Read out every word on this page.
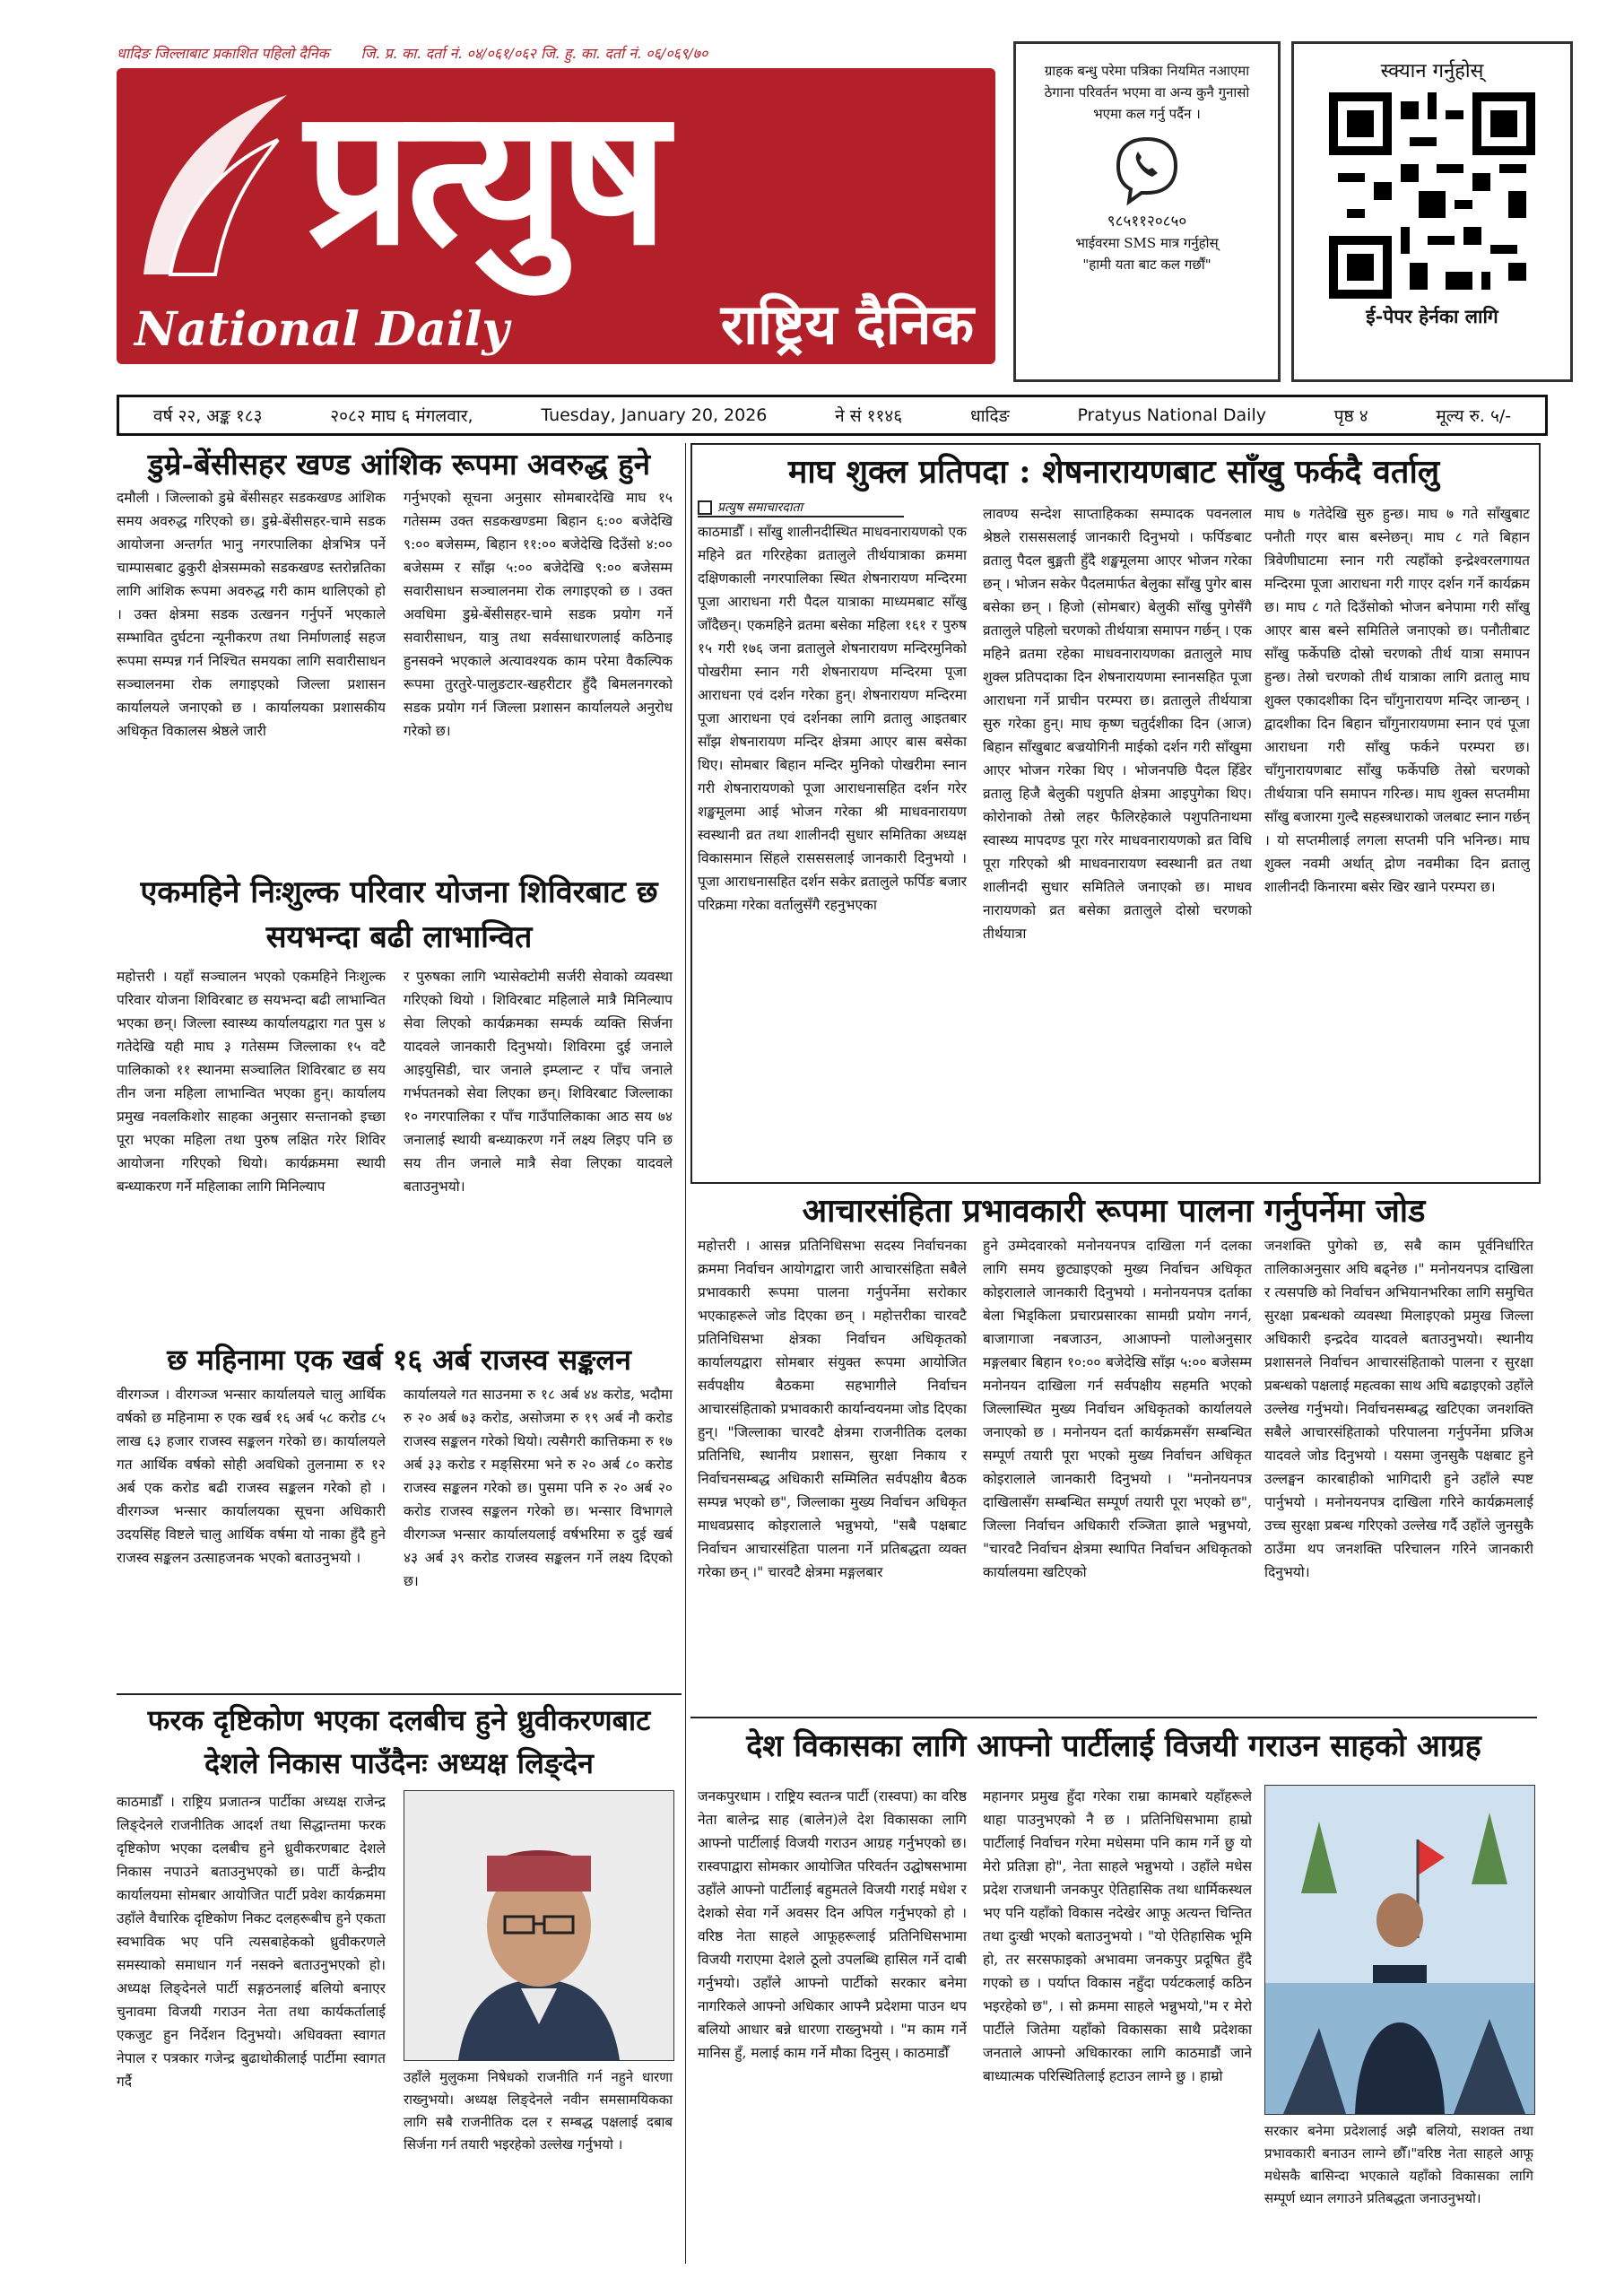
धादिङ जिल्लाबाट प्रकाशित पहिलो दैनिक जि. प्र. का. दर्ता नं. ०४/०६१/०६२ जि. हु. का. दर्ता नं. ०६/०६९/७०
प्रत्युष
National Daily	राष्ट्रिय दैनिक
ग्राहक बन्धु परेमा पत्रिका नियमित नआएमा ठेगाना परिवर्तन भएमा वा अन्य कुनै गुनासो भएमा कल गर्नु पर्दैन ।
९८५११२०८५०
भाईवरमा SMS मात्र गर्नुहोस्
"हामी यता बाट कल गर्छौं"
स्क्यान गर्नुहोस्
ई-पेपर हेर्नका लागि
वर्ष २२, अङ्क १८३	२०८२ माघ ६ मंगलवार,	Tuesday, January 20, 2026	ने सं ११४६	धादिङ	Pratyus National Daily	पृष्ठ ४	मूल्य रु. ५/-
डुम्रे-बेंसीसहर खण्ड आंशिक रूपमा अवरुद्ध हुने
दमौली । जिल्लाको डुम्रे बेंसीसहर सडकखण्ड आंशिक समय अवरुद्ध गरिएको छ। डुम्रे-बेंसीसहर-चामे सडक आयोजना अन्तर्गत भानु नगरपालिका क्षेत्रभित्र पर्ने चाम्पासबाट ढुकुरी क्षेत्रसम्मको सडकखण्ड स्तरोन्नतिका लागि आंशिक रूपमा अवरुद्ध गरी काम थालिएको हो । उक्त क्षेत्रमा सडक उत्खनन गर्नुपर्ने भएकाले सम्भावित दुर्घटना न्यूनीकरण तथा निर्माणलाई सहज रूपमा सम्पन्न गर्न निश्चित समयका लागि सवारीसाधन सञ्चालनमा रोक लगाइएको जिल्ला प्रशासन कार्यालयले जनाएको छ । कार्यालयका प्रशासकीय अधिकृत विकालस श्रेष्ठले जारी
गर्नुभएको सूचना अनुसार सोमबारदेखि माघ १५ गतेसम्म उक्त सडकखण्डमा बिहान ६:०० बजेदेखि ९:०० बजेसम्म, बिहान ११:०० बजेदेखि दिउँसो ४:०० बजेसम्म र साँझ ५:०० बजेदेखि ९:०० बजेसम्म सवारीसाधन सञ्चालनमा रोक लगाइएको छ । उक्त अवधिमा डुम्रे-बेंसीसहर-चामे सडक प्रयोग गर्ने सवारीसाधन, यात्रु तथा सर्वसाधारणलाई कठिनाइ हुनसक्ने भएकाले अत्यावश्यक काम परेमा वैकल्पिक रूपमा तुरतुरे-पालुङटार-खहरीटार हुँदै बिमलनगरको सडक प्रयोग गर्न जिल्ला प्रशासन कार्यालयले अनुरोध गरेको छ।
एकमहिने निःशुल्क परिवार योजना शिविरबाट छ सयभन्दा बढी लाभान्वित
महोत्तरी । यहाँ सञ्चालन भएको एकमहिने निःशुल्क परिवार योजना शिविरबाट छ सयभन्दा बढी लाभान्वित भएका छन्। जिल्ला स्वास्थ्य कार्यालयद्वारा गत पुस ४ गतेदेखि यही माघ ३ गतेसम्म जिल्लाका १५ वटै पालिकाको ११ स्थानमा सञ्चालित शिविरबाट छ सय तीन जना महिला लाभान्वित भएका हुन्। कार्यालय प्रमुख नवलकिशोर साहका अनुसार सन्तानको इच्छा पूरा भएका महिला तथा पुरुष लक्षित गरेर शिविर आयोजना गरिएको थियो। कार्यक्रममा स्थायी बन्ध्याकरण गर्ने महिलाका लागि मिनिल्याप
र पुरुषका लागि भ्यासेक्टोमी सर्जरी सेवाको व्यवस्था गरिएको थियो । शिविरबाट महिलाले मात्रै मिनिल्याप सेवा लिएको कार्यक्रमका सम्पर्क व्यक्ति सिर्जना यादवले जानकारी दिनुभयो। शिविरमा दुई जनाले आइयुसिडी, चार जनाले इम्प्लान्ट र पाँच जनाले गर्भपतनको सेवा लिएका छन्। शिविरबाट जिल्लाका १० नगरपालिका र पाँच गाउँपालिकाका आठ सय ७४ जनालाई स्थायी बन्ध्याकरण गर्ने लक्ष्य लिइए पनि छ सय तीन जनाले मात्रै सेवा लिएका यादवले बताउनुभयो।
छ महिनामा एक खर्ब १६ अर्ब राजस्व सङ्कलन
वीरगञ्ज । वीरगञ्ज भन्सार कार्यालयले चालु आर्थिक वर्षको छ महिनामा रु एक खर्ब १६ अर्ब ५८ करोड ८५ लाख ६३ हजार राजस्व सङ्कलन गरेको छ। कार्यालयले गत आर्थिक वर्षको सोही अवधिको तुलनामा रु १२ अर्ब एक करोड बढी राजस्व सङ्कलन गरेको हो । वीरगञ्ज भन्सार कार्यालयका सूचना अधिकारी उदयसिंह विष्टले चालु आर्थिक वर्षमा यो नाका हुँदै हुने राजस्व सङ्कलन उत्साहजनक भएको बताउनुभयो ।
कार्यालयले गत साउनमा रु १८ अर्ब ४४ करोड, भदौमा रु २० अर्ब ७३ करोड, असोजमा रु १९ अर्ब नौ करोड राजस्व सङ्कलन गरेको थियो। त्यसैगरी कात्तिकमा रु १७ अर्ब ३३ करोड र मङ्सिरमा भने रु २० अर्ब ८० करोड राजस्व सङ्कलन गरेको छ। पुसमा पनि रु २० अर्ब २० करोड राजस्व सङ्कलन गरेको छ। भन्सार विभागले वीरगञ्ज भन्सार कार्यालयलाई वर्षभरिमा रु दुई खर्ब ४३ अर्ब ३९ करोड राजस्व सङ्कलन गर्ने लक्ष्य दिएको छ।
फरक दृष्टिकोण भएका दलबीच हुने ध्रुवीकरणबाट देशले निकास पाउँदैनः अध्यक्ष लिङ्देन
काठमाडौँ । राष्ट्रिय प्रजातन्त्र पार्टीका अध्यक्ष राजेन्द्र लिङ्देनले राजनीतिक आदर्श तथा सिद्धान्तमा फरक दृष्टिकोण भएका दलबीच हुने ध्रुवीकरणबाट देशले निकास नपाउने बताउनुभएको छ। पार्टी केन्द्रीय कार्यालयमा सोमबार आयोजित पार्टी प्रवेश कार्यक्रममा उहाँले वैचारिक दृष्टिकोण निकट दलहरूबीच हुने एकता स्वभाविक भए पनि त्यसबाहेकको ध्रुवीकरणले समस्याको समाधान गर्न नसक्ने बताउनुभएको हो। अध्यक्ष लिङ्देनले पार्टी सङ्गठनलाई बलियो बनाएर चुनावमा विजयी गराउन नेता तथा कार्यकर्तालाई एकजुट हुन निर्देशन दिनुभयो। अधिवक्ता स्वागत नेपाल र पत्रकार गजेन्द्र बुढाथोकीलाई पार्टीमा स्वागत गर्दै	उहाँले मुलुकमा निषेधको राजनीति गर्न नहुने धारणा राख्नुभयो। अध्यक्ष लिङ्देनले नवीन समसामयिकका लागि सबै राजनीतिक दल र सम्बद्ध पक्षलाई दबाब सिर्जना गर्न तयारी भइरहेको उल्लेख गर्नुभयो ।
माघ शुक्ल प्रतिपदा : शेषनारायणबाट साँखु फर्कदै वर्तालु
प्रत्युष समाचारदाता
काठमाडौँ । साँखु शालीनदीस्थित माधवनारायणको एक महिने व्रत गरिरहेका व्रतालुले तीर्थयात्राका क्रममा दक्षिणकाली नगरपालिका स्थित शेषनारायण मन्दिरमा पूजा आराधना गरी पैदल यात्राका माध्यमबाट साँखु जाँदैछन्। एकमहिने व्रतमा बसेका महिला १६१ र पुरुष १५ गरी १७६ जना व्रतालुले शेषनारायण मन्दिरमुनिको पोखरीमा स्नान गरी शेषनारायण मन्दिरमा पूजा आराधना एवं दर्शन गरेका हुन्। शेषनारायण मन्दिरमा पूजा आराधना एवं दर्शनका लागि व्रतालु आइतबार साँझ शेषनारायण मन्दिर क्षेत्रमा आएर बास बसेका थिए। सोमबार बिहान मन्दिर मुनिको पोखरीमा स्नान गरी शेषनारायणको पूजा आराधनासहित दर्शन गरेर शङ्खमूलमा आई भोजन गरेका श्री माधवनारायण स्वस्थानी व्रत तथा शालीनदी सुधार समितिका अध्यक्ष विकासमान सिंहले रासससलाई जानकारी दिनुभयो । पूजा आराधनासहित दर्शन सकेर व्रतालुले फर्पिङ बजार परिक्रमा गरेका वर्तालुसँगै रहनुभएका
लावण्य सन्देश साप्ताहिकका सम्पादक पवनलाल श्रेष्ठले रासससलाई जानकारी दिनुभयो । फर्पिङबाट व्रतालु पैदल बुङ्मती हुँदै शङ्खमूलमा आएर भोजन गरेका छन् । भोजन सकेर पैदलमार्फत बेलुका साँखु पुगेर बास बसेका छन् । हिजो (सोमबार) बेलुकी साँखु पुगेसँगै व्रतालुले पहिलो चरणको तीर्थयात्रा समापन गर्छन् । एक महिने व्रतमा रहेका माधवनारायणका व्रतालुले माघ शुक्ल प्रतिपदाका दिन शेषनारायणमा स्नानसहित पूजा आराधना गर्ने प्राचीन परम्परा छ। व्रतालुले तीर्थयात्रा सुरु गरेका हुन्। माघ कृष्ण चतुर्दशीका दिन (आज) बिहान साँखुबाट बज्रयोगिनी माईको दर्शन गरी साँखुमा आएर भोजन गरेका थिए । भोजनपछि पैदल हिँडेर व्रतालु हिजै बेलुकी पशुपति क्षेत्रमा आइपुगेका थिए। कोरोनाको तेस्रो लहर फैलिरहेकाले पशुपतिनाथमा स्वास्थ्य मापदण्ड पूरा गरेर माधवनारायणको व्रत विधि पूरा गरिएको श्री माधवनारायण स्वस्थानी व्रत तथा शालीनदी सुधार समितिले जनाएको छ। माधव नारायणको व्रत बसेका व्रतालुले दोस्रो चरणको तीर्थयात्रा
माघ ७ गतेदेखि सुरु हुन्छ। माघ ७ गते साँखुबाट पनौती गएर बास बस्नेछन्। माघ ८ गते बिहान त्रिवेणीघाटमा स्नान गरी त्यहाँको इन्द्रेश्वरलगायत मन्दिरमा पूजा आराधना गरी गाएर दर्शन गर्ने कार्यक्रम छ। माघ ८ गते दिउँसोको भोजन बनेपामा गरी साँखु आएर बास बस्ने समितिले जनाएको छ। पनौतीबाट साँखु फर्केपछि दोस्रो चरणको तीर्थ यात्रा समापन हुन्छ। तेस्रो चरणको तीर्थ यात्राका लागि व्रतालु माघ शुक्ल एकादशीका दिन चाँगुनारायण मन्दिर जान्छन् । द्वादशीका दिन बिहान चाँगुनारायणमा स्नान एवं पूजा आराधना गरी साँखु फर्कने परम्परा छ। चाँगुनारायणबाट साँखु फर्केपछि तेस्रो चरणको तीर्थयात्रा पनि समापन गरिन्छ। माघ शुक्ल सप्तमीमा साँखु बजारमा गुल्दै सहस्त्रधाराको जलबाट स्नान गर्छन् । यो सप्तमीलाई लगला सप्तमी पनि भनिन्छ। माघ शुक्ल नवमी अर्थात् द्रोण नवमीका दिन व्रतालु शालीनदी किनारमा बसेर खिर खाने परम्परा छ।
आचारसंहिता प्रभावकारी रूपमा पालना गर्नुपर्नेमा जोड
महोत्तरी । आसन्न प्रतिनिधिसभा सदस्य निर्वाचनका क्रममा निर्वाचन आयोगद्वारा जारी आचारसंहिता सबैले प्रभावकारी रूपमा पालना गर्नुपर्नेमा सरोकार भएकाहरूले जोड दिएका छन् । महोत्तरीका चारवटै प्रतिनिधिसभा क्षेत्रका निर्वाचन अधिकृतको कार्यालयद्वारा सोमबार संयुक्त रूपमा आयोजित सर्वपक्षीय बैठकमा सहभागीले निर्वाचन आचारसंहिताको प्रभावकारी कार्यान्वयनमा जोड दिएका हुन्। "जिल्लाका चारवटै क्षेत्रमा राजनीतिक दलका प्रतिनिधि, स्थानीय प्रशासन, सुरक्षा निकाय र निर्वाचनसम्बद्ध अधिकारी सम्मिलित सर्वपक्षीय बैठक सम्पन्न भएको छ", जिल्लाका मुख्य निर्वाचन अधिकृत माधवप्रसाद कोइरालाले भन्नुभयो, "सबै पक्षबाट निर्वाचन आचारसंहिता पालना गर्ने प्रतिबद्धता व्यक्त गरेका छन् ।" चारवटै क्षेत्रमा मङ्गलबार
हुने उम्मेदवारको मनोनयनपत्र दाखिला गर्न दलका लागि समय छुट्याइएको मुख्य निर्वाचन अधिकृत कोइरालाले जानकारी दिनुभयो । मनोनयनपत्र दर्ताका बेला भिड्किला प्रचारप्रसारका सामग्री प्रयोग नगर्न, बाजागाजा नबजाउन, आआफ्नो पालोअनुसार मङ्गलबार बिहान १०:०० बजेदेखि साँझ ५:०० बजेसम्म मनोनयन दाखिला गर्न सर्वपक्षीय सहमति भएको जिल्लास्थित मुख्य निर्वाचन अधिकृतको कार्यालयले जनाएको छ । मनोनयन दर्ता कार्यक्रमसँग सम्बन्धित सम्पूर्ण तयारी पूरा भएको मुख्य निर्वाचन अधिकृत कोइरालाले जानकारी दिनुभयो । "मनोनयनपत्र दाखिलासँग सम्बन्धित सम्पूर्ण तयारी पूरा भएको छ", जिल्ला निर्वाचन अधिकारी रञ्जिता झाले भन्नुभयो, "चारवटै निर्वाचन क्षेत्रमा स्थापित निर्वाचन अधिकृतको कार्यालयमा खटिएको
जनशक्ति पुगेको छ, सबै काम पूर्वनिर्धारित तालिकाअनुसार अघि बढ्नेछ ।" मनोनयनपत्र दाखिला र त्यसपछि को निर्वाचन अभियानभरिका लागि समुचित सुरक्षा प्रबन्धको व्यवस्था मिलाइएको प्रमुख जिल्ला अधिकारी इन्द्रदेव यादवले बताउनुभयो। स्थानीय प्रशासनले निर्वाचन आचारसंहिताको पालना र सुरक्षा प्रबन्धको पक्षलाई महत्वका साथ अघि बढाइएको उहाँले उल्लेख गर्नुभयो। निर्वाचनसम्बद्ध खटिएका जनशक्ति सबैले आचारसंहिताको परिपालना गर्नुपर्नेमा प्रजिअ यादवले जोड दिनुभयो । यसमा जुनसुकै पक्षबाट हुने उल्लङ्घन कारबाहीको भागिदारी हुने उहाँले स्पष्ट पार्नुभयो । मनोनयनपत्र दाखिला गरिने कार्यक्रमलाई उच्च सुरक्षा प्रबन्ध गरिएको उल्लेख गर्दै उहाँले जुनसुकै ठाउँमा थप जनशक्ति परिचालन गरिने जानकारी दिनुभयो।
देश विकासका लागि आफ्नो पार्टीलाई विजयी गराउन साहको आग्रह
जनकपुरधाम । राष्ट्रिय स्वतन्त्र पार्टी (रास्वपा) का वरिष्ठ नेता बालेन्द्र साह (बालेन)ले देश विकासका लागि आफ्नो पार्टीलाई विजयी गराउन आग्रह गर्नुभएको छ। रास्वपाद्वारा सोमकार आयोजित परिवर्तन उद्घोषसभामा उहाँले आफ्नो पार्टीलाई बहुमतले विजयी गराई मधेश र देशको सेवा गर्ने अवसर दिन अपिल गर्नुभएको हो । वरिष्ठ नेता साहले आफूहरूलाई प्रतिनिधिसभामा विजयी गराएमा देशले ठूलो उपलब्धि हासिल गर्ने दाबी गर्नुभयो। उहाँले आफ्नो पार्टीको सरकार बनेमा नागरिकले आफ्नो अधिकार आफ्नै प्रदेशमा पाउन थप बलियो आधार बन्ने धारणा राख्नुभयो । "म काम गर्ने मानिस हुँ, मलाई काम गर्ने मौका दिनुस् । काठमाडौँ
महानगर प्रमुख हुँदा गरेका राम्रा कामबारे यहाँहरूले थाहा पाउनुभएको नै छ । प्रतिनिधिसभामा हाम्रो पार्टीलाई निर्वाचन गरेमा मधेसमा पनि काम गर्ने छु यो मेरो प्रतिज्ञा हो", नेता साहले भन्नुभयो । उहाँले मधेस प्रदेश राजधानी जनकपुर ऐतिहासिक तथा धार्मिकस्थल भए पनि यहाँको विकास नदेखेर आफू अत्यन्त चिन्तित तथा दुःखी भएको बताउनुभयो । "यो ऐतिहासिक भूमि हो, तर सरसफाइको अभावमा जनकपुर प्रदूषित हुँदै गएको छ । पर्याप्त विकास नहुँदा पर्यटकलाई कठिन भइरहेको छ", । सो क्रममा साहले भन्नुभयो,"म र मेरो पार्टीले जितेमा यहाँको विकासका साथै प्रदेशका जनताले आफ्नो अधिकारका लागि काठमाडौं जाने बाध्यात्मक परिस्थितिलाई हटाउन लाग्ने छु । हाम्रो
सरकार बनेमा प्रदेशलाई अझै बलियो, सशक्त तथा प्रभावकारी बनाउन लाग्ने छौँ।"वरिष्ठ नेता साहले आफू मधेसकै बासिन्दा भएकाले यहाँको विकासका लागि सम्पूर्ण ध्यान लगाउने प्रतिबद्धता जनाउनुभयो।
